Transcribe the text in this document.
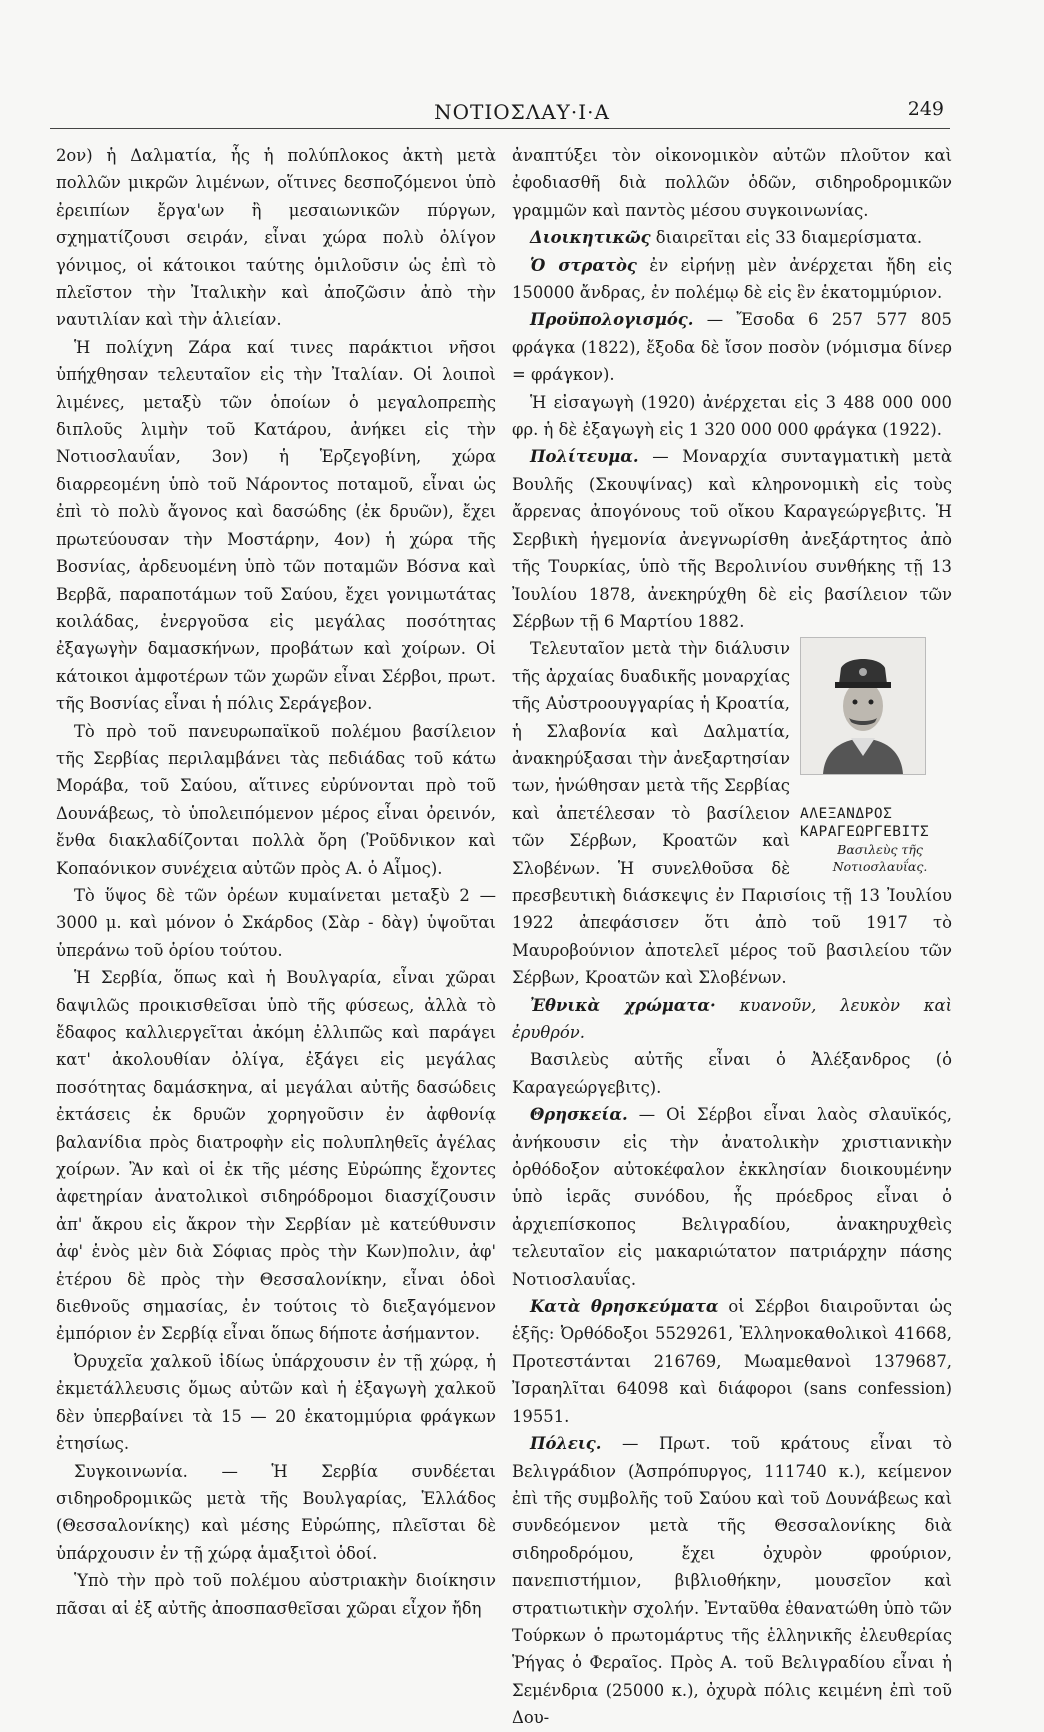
ΝΟΤΙΟΣΛΑΥ·Ι·Α	249

2ον) ἡ Δαλματία, ἧς ἡ πολύπλοκος ἀκτὴ μετὰ πολλῶν μικρῶν λιμένων, οἵτινες δεσποζόμενοι ὑπὸ ἐρειπίων ἔργα'ων ἢ μεσαιωνικῶν πύργων, σχηματίζουσι σειράν, εἶναι χώρα πολὺ ὀλίγον γόνιμος, οἱ κάτοικοι ταύτης ὁμιλοῦσιν ὡς ἐπὶ τὸ πλεῖστον τὴν Ἰταλικὴν καὶ ἀποζῶσιν ἀπὸ τὴν ναυτιλίαν καὶ τὴν ἁλιείαν.

Ἡ πολίχνη Ζάρα καί τινες παράκτιοι νῆσοι ὑπήχθησαν τελευταῖον εἰς τὴν Ἰταλίαν. Οἱ λοιποὶ λιμένες, μεταξὺ τῶν ὁποίων ὁ μεγαλοπρεπὴς διπλοῦς λιμὴν τοῦ Κατάρου, ἀνήκει εἰς τὴν Νοτιοσλαυΐαν, 3ον) ἡ Ἑρζεγοβίνη, χώρα διαρρεομένη ὑπὸ τοῦ Νάροντος ποταμοῦ, εἶναι ὡς ἐπὶ τὸ πολὺ ἄγονος καὶ δασώδης (ἐκ δρυῶν), ἔχει πρωτεύουσαν τὴν Μοστάρην, 4ον) ἡ χώρα τῆς Βοσνίας, ἀρδευομένη ὑπὸ τῶν ποταμῶν Βόσνα καὶ Βερβᾶ, παραποτάμων τοῦ Σαύου, ἔχει γονιμωτάτας κοιλάδας, ἐνεργοῦσα εἰς μεγάλας ποσότητας ἐξαγωγὴν δαμασκήνων, προβάτων καὶ χοίρων. Οἱ κάτοικοι ἀμφοτέρων τῶν χωρῶν εἶναι Σέρβοι, πρωτ. τῆς Βοσνίας εἶναι ἡ πόλις Σεράγεβον.

Τὸ πρὸ τοῦ πανευρωπαϊκοῦ πολέμου βασίλειον τῆς Σερβίας περιλαμβάνει τὰς πεδιάδας τοῦ κάτω Μοράβα, τοῦ Σαύου, αἵτινες εὐρύνονται πρὸ τοῦ Δουνάβεως, τὸ ὑπολειπόμενον μέρος εἶναι ὀρεινόν, ἔνθα διακλαδίζονται πολλὰ ὄρη (Ῥοῦδνικον καὶ Κοπαόνικον συνέχεια αὐτῶν πρὸς Α. ὁ Αἷμος).

Τὸ ὕψος δὲ τῶν ὀρέων κυμαίνεται μεταξὺ 2 — 3000 μ. καὶ μόνον ὁ Σκάρδος (Σὰρ - δὰγ) ὑψοῦται ὑπεράνω τοῦ ὁρίου τούτου.

Ἡ Σερβία, ὅπως καὶ ἡ Βουλγαρία, εἶναι χῶραι δαψιλῶς προικισθεῖσαι ὑπὸ τῆς φύσεως, ἀλλὰ τὸ ἔδαφος καλλιεργεῖται ἀκόμη ἐλλιπῶς καὶ παράγει κατ' ἀκολουθίαν ὀλίγα, ἐξάγει εἰς μεγάλας ποσότητας δαμάσκηνα, αἱ μεγάλαι αὐτῆς δασώδεις ἐκτάσεις ἐκ δρυῶν χορηγοῦσιν ἐν ἀφθονίᾳ βαλανίδια πρὸς διατροφὴν εἰς πολυπληθεῖς ἀγέλας χοίρων. Ἂν καὶ οἱ ἐκ τῆς μέσης Εὐρώπης ἔχοντες ἀφετηρίαν ἀνατολικοὶ σιδηρόδρομοι διασχίζουσιν ἀπ' ἄκρου εἰς ἄκρον τὴν Σερβίαν μὲ κατεύθυνσιν ἀφ' ἑνὸς μὲν διὰ Σόφιας πρὸς τὴν Κων)πολιν, ἀφ' ἑτέρου δὲ πρὸς τὴν Θεσσαλονίκην, εἶναι ὁδοὶ διεθνοῦς σημασίας, ἐν τούτοις τὸ διεξαγόμενον ἐμπόριον ἐν Σερβίᾳ εἶναι ὅπως δήποτε ἀσήμαντον.

Ὀρυχεῖα χαλκοῦ ἰδίως ὑπάρχουσιν ἐν τῇ χώρᾳ, ἡ ἐκμετάλλευσις ὅμως αὐτῶν καὶ ἡ ἐξαγωγὴ χαλκοῦ δὲν ὑπερβαίνει τὰ 15 — 20 ἑκατομμύρια φράγκων ἐτησίως.

Συγκοινωνία. — Ἡ Σερβία συνδέεται σιδηροδρομικῶς μετὰ τῆς Βουλγαρίας, Ἑλλάδος (Θεσσαλονίκης) καὶ μέσης Εὐρώπης, πλεῖσται δὲ ὑπάρχουσιν ἐν τῇ χώρᾳ ἁμαξιτοὶ ὁδοί.

Ὑπὸ τὴν πρὸ τοῦ πολέμου αὐστριακὴν διοίκησιν πᾶσαι αἱ ἐξ αὐτῆς ἀποσπασθεῖσαι χῶραι εἶχον ἤδη

ἀναπτύξει τὸν οἰκονομικὸν αὐτῶν πλοῦτον καὶ ἐφοδιασθῆ διὰ πολλῶν ὁδῶν, σιδηροδρομικῶν γραμμῶν καὶ παντὸς μέσου συγκοινωνίας.

Διοικητικῶς διαιρεῖται εἰς 33 διαμερίσματα.

Ὁ στρατὸς ἐν εἰρήνῃ μὲν ἀνέρχεται ἤδη εἰς 150000 ἄνδρας, ἐν πολέμῳ δὲ εἰς ἓν ἑκατομμύριον.

Προϋπολογισμός. — Ἔσοδα 6 257 577 805 φράγκα (1822), ἔξοδα δὲ ἴσον ποσὸν (νόμισμα δίνερ = φράγκον).

Ἡ εἰσαγωγὴ (1920) ἀνέρχεται εἰς 3 488 000 000 φρ. ἡ δὲ ἐξαγωγὴ εἰς 1 320 000 000 φράγκα (1922).

Πολίτευμα. — Μοναρχία συνταγματικὴ μετὰ Βουλῆς (Σκουψίνας) καὶ κληρονομικὴ εἰς τοὺς ἄρρενας ἀπογόνους τοῦ οἴκου Καραγεώργεβιτς. Ἡ Σερβικὴ ἡγεμονία ἀνεγνωρίσθη ἀνεξάρτητος ἀπὸ τῆς Τουρκίας, ὑπὸ τῆς Βερολινίου συνθήκης τῇ 13 Ἰουλίου 1878, ἀνεκηρύχθη δὲ εἰς βασίλειον τῶν Σέρβων τῇ 6 Μαρτίου 1882.

ΑΛΕΞΑΝΔΡΟΣ ΚΑΡΑΓΕΩΡΓΕΒΙΤΣ
Βασιλεὺς τῆς Νοτιοσλαυΐας.

Τελευταῖον μετὰ τὴν διάλυσιν τῆς ἀρχαίας δυαδικῆς μοναρχίας τῆς Αὐστροουγγαρίας ἡ Κροατία, ἡ Σλαβονία καὶ Δαλματία, ἀνακηρύξασαι τὴν ἀνεξαρτησίαν των, ἡνώθησαν μετὰ τῆς Σερβίας καὶ ἀπετέλεσαν τὸ βασίλειον τῶν Σέρβων, Κροατῶν καὶ Σλοβένων. Ἡ συνελθοῦσα δὲ πρεσβευτικὴ διάσκεψις ἐν Παρισίοις τῇ 13 Ἰουλίου 1922 ἀπεφάσισεν ὅτι ἀπὸ τοῦ 1917 τὸ Μαυροβούνιον ἀποτελεῖ μέρος τοῦ βασιλείου τῶν Σέρβων, Κροατῶν καὶ Σλοβένων.

Ἐθνικὰ χρώματα· κυανοῦν, λευκὸν καὶ ἐρυθρόν.

Βασιλεὺς αὐτῆς εἶναι ὁ Ἀλέξανδρος (ὁ Καραγεώργεβιτς).

Θρησκεία. — Οἱ Σέρβοι εἶναι λαὸς σλαυϊκός, ἀνήκουσιν εἰς τὴν ἀνατολικὴν χριστιανικὴν ὀρθόδοξον αὐτοκέφαλον ἐκκλησίαν διοικουμένην ὑπὸ ἱερᾶς συνόδου, ἧς πρόεδρος εἶναι ὁ ἀρχιεπίσκοπος Βελιγραδίου, ἀνακηρυχθεὶς τελευταῖον εἰς μακαριώτατον πατριάρχην πάσης Νοτιοσλαυΐας.

Κατὰ θρησκεύματα οἱ Σέρβοι διαιροῦνται ὡς ἑξῆς: Ὀρθόδοξοι 5529261, Ἑλληνοκαθολικοὶ 41668, Προτεστάνται 216769, Μωαμεθανοὶ 1379687, Ἰσραηλῖται 64098 καὶ διάφοροι (sans confession) 19551.

Πόλεις. — Πρωτ. τοῦ κράτους εἶναι τὸ Βελιγράδιον (Ἀσπρόπυργος, 111740 κ.), κείμενον ἐπὶ τῆς συμβολῆς τοῦ Σαύου καὶ τοῦ Δουνάβεως καὶ συνδεόμενον μετὰ τῆς Θεσσαλονίκης διὰ σιδηροδρόμου, ἔχει ὀχυρὸν φρούριον, πανεπιστήμιον, βιβλιοθήκην, μουσεῖον καὶ στρατιωτικὴν σχολήν. Ἐνταῦθα ἐθανατώθη ὑπὸ τῶν Τούρκων ὁ πρωτομάρτυς τῆς ἑλληνικῆς ἐλευθερίας Ῥήγας ὁ Φεραῖος. Πρὸς Α. τοῦ Βελιγραδίου εἶναι ἡ Σεμένδρια (25000 κ.), ὀχυρὰ πόλις κειμένη ἐπὶ τοῦ Δου-
